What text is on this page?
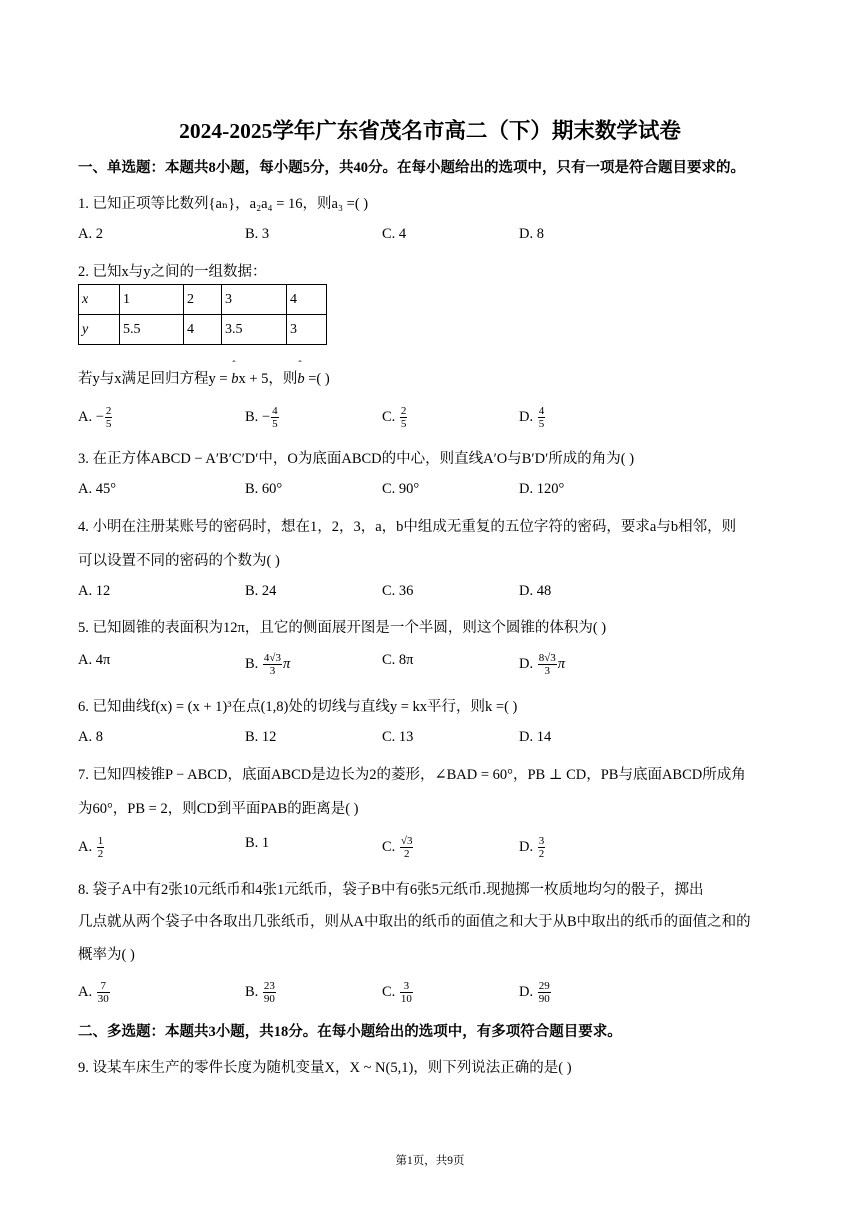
2024-2025学年广东省茂名市高二（下）期末数学试卷
一、单选题：本题共8小题，每小题5分，共40分。在每小题给出的选项中，只有一项是符合题目要求的。
1. 已知正项等比数列{aₙ}，a₂a₄ = 16，则a₃ =( )
A. 2	B. 3	C. 4	D. 8
2. 已知x与y之间的一组数据：
x	1	2	3	4
y	5.5	4	3.5	3
若y与x满足回归方程y = ˆ bx + 5，则ˆ b =( )
A. − $\frac{2}{5}$	B. − $\frac{4}{5}$	C. $\frac{2}{5}$	D. $\frac{4}{5}$
3. 在正方体ABCD − A′B′C′D′中，O为底面ABCD的中心，则直线A′O与B′D′所成的角为( )
A. 45°	B. 60°	C. 90°	D. 120°
4. 小明在注册某账号的密码时，想在1，2，3，a，b中组成无重复的五位字符的密码，要求a与b相邻，则
可以设置不同的密码的个数为( )
A. 12	B. 24	C. 36	D. 48
5. 已知圆锥的表面积为12π，且它的侧面展开图是一个半圆，则这个圆锥的体积为( )
A. 4π	B. $\frac{4√3}{3}$ π	C. 8π	D. $\frac{8√3}{3}$ π
6. 已知曲线f(x) = (x + 1)³在点(1,8)处的切线与直线y = kx平行，则k =( )
A. 8	B. 12	C. 13	D. 14
7. 已知四棱锥P − ABCD，底面ABCD是边长为2的菱形，∠BAD = 60°，PB ⊥ CD，PB与底面ABCD所成角
为60°，PB = 2，则CD到平面PAB的距离是( )
A. $\frac{1}{2}$	B. 1	C. $\frac{√3}{2}$	D. $\frac{3}{2}$
8. 袋子A中有2张10元纸币和4张1元纸币，袋子B中有6张5元纸币.现抛掷一枚质地均匀的骰子，掷出
几点就从两个袋子中各取出几张纸币，则从A中取出的纸币的面值之和大于从B中取出的纸币的面值之和的
概率为( )
A. $\frac{7}{30}$	B. $\frac{23}{90}$	C. $\frac{3}{10}$	D. $\frac{29}{90}$
二、多选题：本题共3小题，共18分。在每小题给出的选项中，有多项符合题目要求。
9. 设某车床生产的零件长度为随机变量X，X ~ N(5,1)，则下列说法正确的是( )
第1页，共9页
